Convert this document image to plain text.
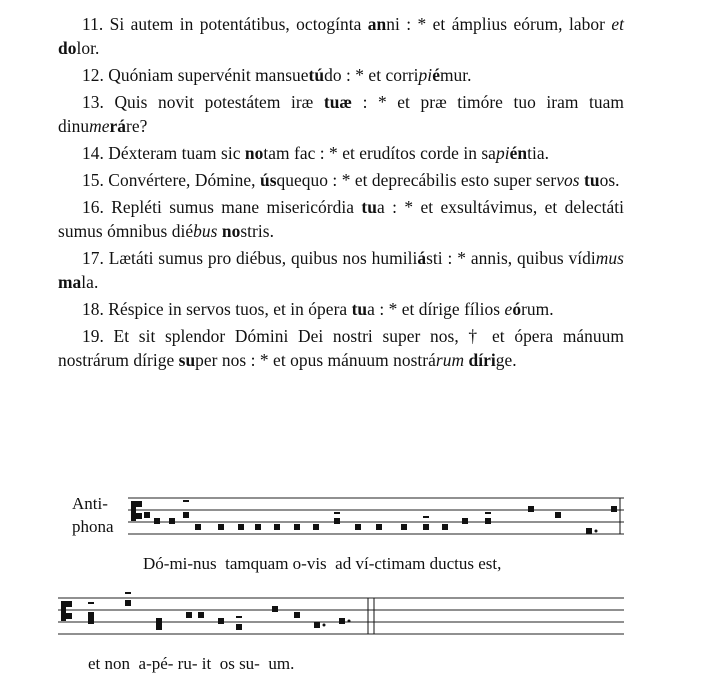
11. Si autem in potentátibus, octogínta anni : * et ámplius eórum, labor et dolor.

12. Quóniam supervénit mansuetúdo : * et corripiémur.

13. Quis novit potestátem iræ tuæ : * et præ timóre tuo iram tuam dinumeráre?

14. Déxteram tuam sic notam fac : * et erudítos corde in sapiéntia.

15. Convértere, Dómine, úsquequo : * et deprecábilis esto super servos tuos.

16. Repléti sumus mane misericórdia tua : * et exsultávimus, et delectáti sumus ómnibus diébus nostris.

17. Lætáti sumus pro diébus, quibus nos humiliásti : * annis, quibus vídimus mala.

18. Réspice in servos tuos, et in ópera tua : * et dírige fílios eórum.

19. Et sit splendor Dómini Dei nostri super nos, † et ópera mánuum nostrárum dírige super nos : * et opus mánuum nostrárum dírige.

Anti-
phona
Dó-mi-nus  tamquam o-vis  ad ví-ctimam ductus est,
et non  a-pé- ru- it  os su-  um.
